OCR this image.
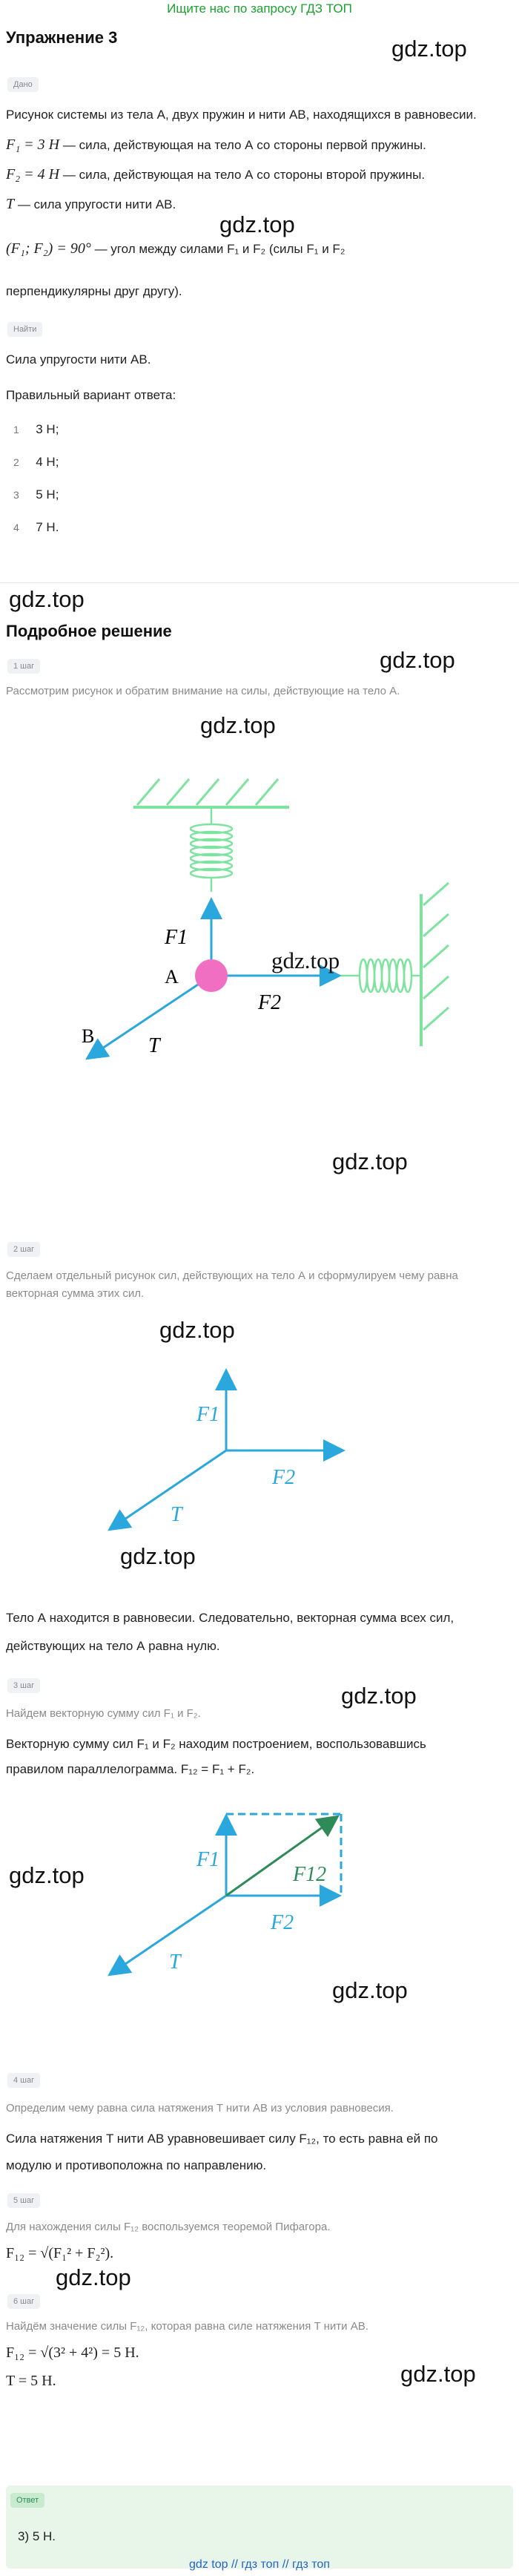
Ищите нас по запросу ГДЗ ТОП
Упражнение 3	gdz.top
Дано
Рисунок системы из тела А, двух пружин и нити АВ, находящихся в равновесии.
F₁ = 3 Н — сила, действующая на тело А со стороны первой пружины.
F₂ = 4 Н — сила, действующая на тело А со стороны второй пружины.
T — сила упругости нити AB.
gdz.top
(F₁; F₂) = 90° — угол между силами F₁ и F₂ (силы F₁ и F₂
перпендикулярны друг другу).
Найти
Сила упругости нити АВ.
Правильный вариант ответа:
1 3 Н;
2 4 Н;
3 5 Н;
4 7 Н.
gdz.top
Подробное решение
gdz.top
1 шаг
Рассмотрим рисунок и обратим внимание на силы, действующие на тело А.
gdz.top
A
B
F1
F2
T
gdz.top
gdz.top
2 шаг
Сделаем отдельный рисунок сил, действующих на тело А и сформулируем чему равна векторная сумма этих сил.
gdz.top
F1
F2
T
gdz.top
Тело А находится в равновесии. Следовательно, векторная сумма всех сил,
действующих на тело А равна нулю.
3 шаг	gdz.top
Найдем векторную сумму сил F₁ и F₂.
Векторную сумму сил F₁ и F₂ находим построением, воспользовавшись
правилом параллелограмма. F₁₂ = F₁ + F₂.
F1
F12
F2
T
gdz.top
gdz.top
4 шаг
Определим чему равна сила натяжения T нити АВ из условия равновесия.
Сила натяжения T нити АВ уравновешивает силу F₁₂, то есть равна ей по
модулю и противоположна по направлению.
5 шаг
Для нахождения силы F₁₂ воспользуемся теоремой Пифагора.
F₁₂ = √(F₁² + F₂²).
gdz.top
6 шаг
Найдём значение силы F₁₂, которая равна силе натяжения T нити АВ.
F₁₂ = √(3² + 4²) = 5 Н.
T = 5 Н.	gdz.top
Ответ
3) 5 Н.
gdz top // гдз топ // гдз топ
